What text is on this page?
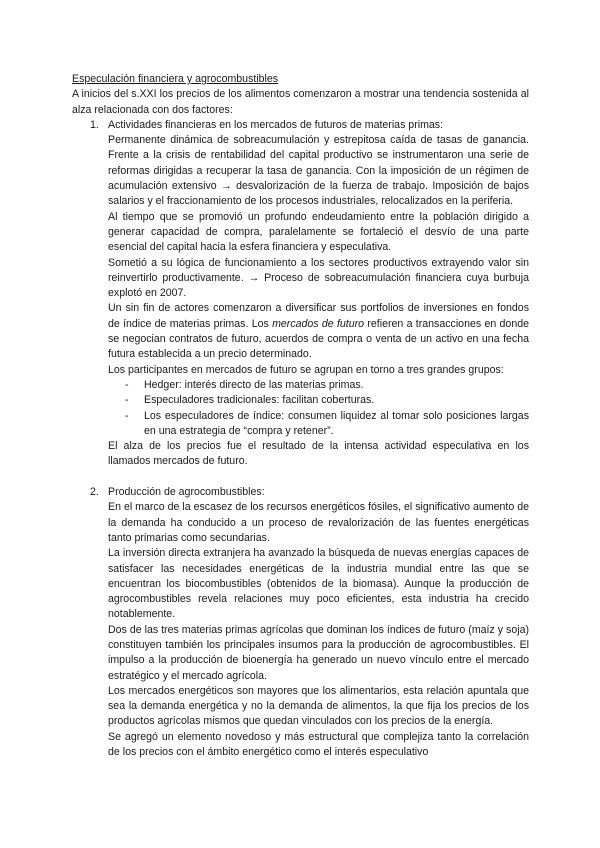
Especulación financiera y agrocombustibles

A inicios del s.XXI los precios de los alimentos comenzaron a mostrar una tendencia sostenida al alza relacionada con dos factores:

1. Actividades financieras en los mercados de futuros de materias primas:

Permanente dinámica de sobreacumulación y estrepitosa caída de tasas de ganancia. Frente a la crisis de rentabilidad del capital productivo se instrumentaron una serie de reformas dirigidas a recuperar la tasa de ganancia. Con la imposición de un régimen de acumulación extensivo → desvalorización de la fuerza de trabajo. Imposición de bajos salarios y el fraccionamiento de los procesos industriales, relocalizados en la periferia.

Al tiempo que se promovió un profundo endeudamiento entre la población dirigido a generar capacidad de compra, paralelamente se fortaleció el desvío de una parte esencial del capital hacia la esfera financiera y especulativa.

Sometió a su lógica de funcionamiento a los sectores productivos extrayendo valor sin reinvertirlo productivamente. → Proceso de sobreacumulación financiera cuya burbuja explotó en 2007.

Un sin fin de actores comenzaron a diversificar sus portfolios de inversiones en fondos de índice de materias primas. Los mercados de futuro refieren a transacciones en donde se negocian contratos de futuro, acuerdos de compra o venta de un activo en una fecha futura establecida a un precio determinado.

Los participantes en mercados de futuro se agrupan en torno a tres grandes grupos:

- Hedger: interés directo de las materias primas.

- Especuladores tradicionales: facilitan coberturas.

- Los especuladores de índice: consumen liquidez al tomar solo posiciones largas en una estrategia de “compra y retener”.

El alza de los precios fue el resultado de la intensa actividad especulativa en los llamados mercados de futuro.

2. Producción de agrocombustibles:

En el marco de la escasez de los recursos energéticos fósiles, el significativo aumento de la demanda ha conducido a un proceso de revalorización de las fuentes energéticas tanto primarias como secundarias.

La inversión directa extranjera ha avanzado la búsqueda de nuevas energías capaces de satisfacer las necesidades energéticas de la industria mundial entre las que se encuentran los biocombustibles (obtenidos de la biomasa). Aunque la producción de agrocombustibles revela relaciones muy poco eficientes, esta industria ha crecido notablemente.

Dos de las tres materias primas agrícolas que dominan los índices de futuro (maíz y soja) constituyen también los principales insumos para la producción de agrocombustibles. El impulso a la producción de bioenergía ha generado un nuevo vínculo entre el mercado estratégico y el mercado agrícola.

Los mercados energéticos son mayores que los alimentarios, esta relación apuntala que sea la demanda energética y no la demanda de alimentos, la que fija los precios de los productos agrícolas mismos que quedan vinculados con los precios de la energía.

Se agregó un elemento novedoso y más estructural que complejiza tanto la correlación de los precios con el ámbito energético como el interés especulativo
